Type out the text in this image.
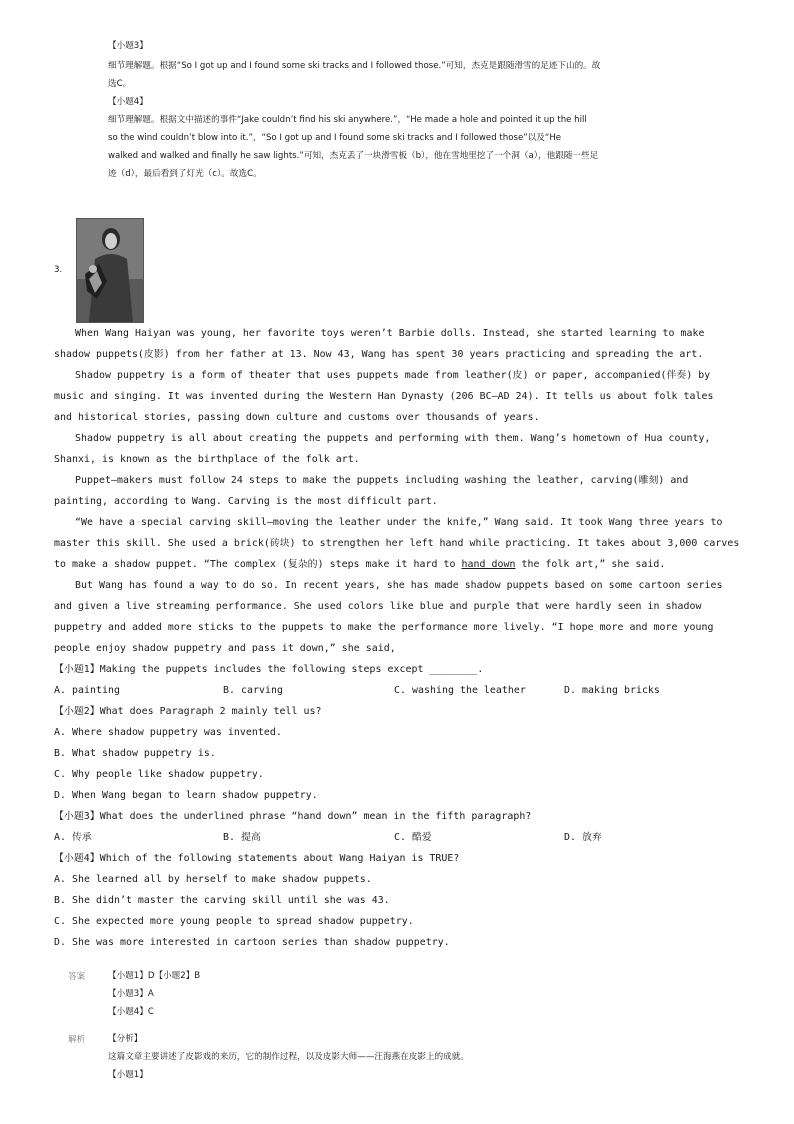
【小题3】
细节理解题。根据“So I got up and I found some ski tracks and I followed those.”可知，杰克是跟随滑雪的足迹下山的。故
选C。
【小题4】
细节理解题。根据文中描述的事件“Jake couldn’t find his ski anywhere.”，“He made a hole and pointed it up the hill
so the wind couldn’t blow into it.”，“So I got up and I found some ski tracks and I followed those”以及“He
walked and walked and finally he saw lights.”可知，杰克丢了一块滑雪板（b），他在雪地里挖了一个洞（a），他跟随一些足
迹（d），最后看到了灯光（c）。故选C。
3.
When Wang Haiyan was young, her favorite toys weren’t Barbie dolls. Instead, she started learning to make
shadow puppets(皮影) from her father at 13. Now 43, Wang has spent 30 years practicing and spreading the art.
Shadow puppetry is a form of theater that uses puppets made from leather(皮) or paper, accompanied(伴奏) by
music and singing. It was invented during the Western Han Dynasty (206 BC—AD 24). It tells us about folk tales
and historical stories, passing down culture and customs over thousands of years.
Shadow puppetry is all about creating the puppets and performing with them. Wang’s hometown of Hua county,
Shanxi, is known as the birthplace of the folk art.
Puppet—makers must follow 24 steps to make the puppets including washing the leather, carving(雕刻) and
painting, according to Wang. Carving is the most difficult part.
“We have a special carving skill—moving the leather under the knife,” Wang said. It took Wang three years to
master this skill. She used a brick(砖块) to strengthen her left hand while practicing. It takes about 3,000 carves
to make a shadow puppet. “The complex (复杂的) steps make it hard to hand down the folk art,” she said.
But Wang has found a way to do so. In recent years, she has made shadow puppets based on some cartoon series
and given a live streaming performance. She used colors like blue and purple that were hardly seen in shadow
puppetry and added more sticks to the puppets to make the performance more lively. “I hope more and more young
people enjoy shadow puppetry and pass it down,” she said,
【小题1】Making the puppets includes the following steps except ________.
A. painting	B. carving	C. washing the leather	D. making bricks
【小题2】What does Paragraph 2 mainly tell us?
A. Where shadow puppetry was invented.
B. What shadow puppetry is.
C. Why people like shadow puppetry.
D. When Wang began to learn shadow puppetry.
【小题3】What does the underlined phrase “hand down” mean in the fifth paragraph?
A. 传承	B. 提高	C. 酷爱	D. 放弃
【小题4】Which of the following statements about Wang Haiyan is TRUE?
A. She learned all by herself to make shadow puppets.
B. She didn’t master the carving skill until she was 43.
C. She expected more young people to spread shadow puppetry.
D. She was more interested in cartoon series than shadow puppetry.
答案	【小题1】D【小题2】B
【小题3】A
【小题4】C
解析	【分析】
这篇文章主要讲述了皮影戏的来历，它的制作过程，以及皮影大师——汪海燕在皮影上的成就。
【小题1】
